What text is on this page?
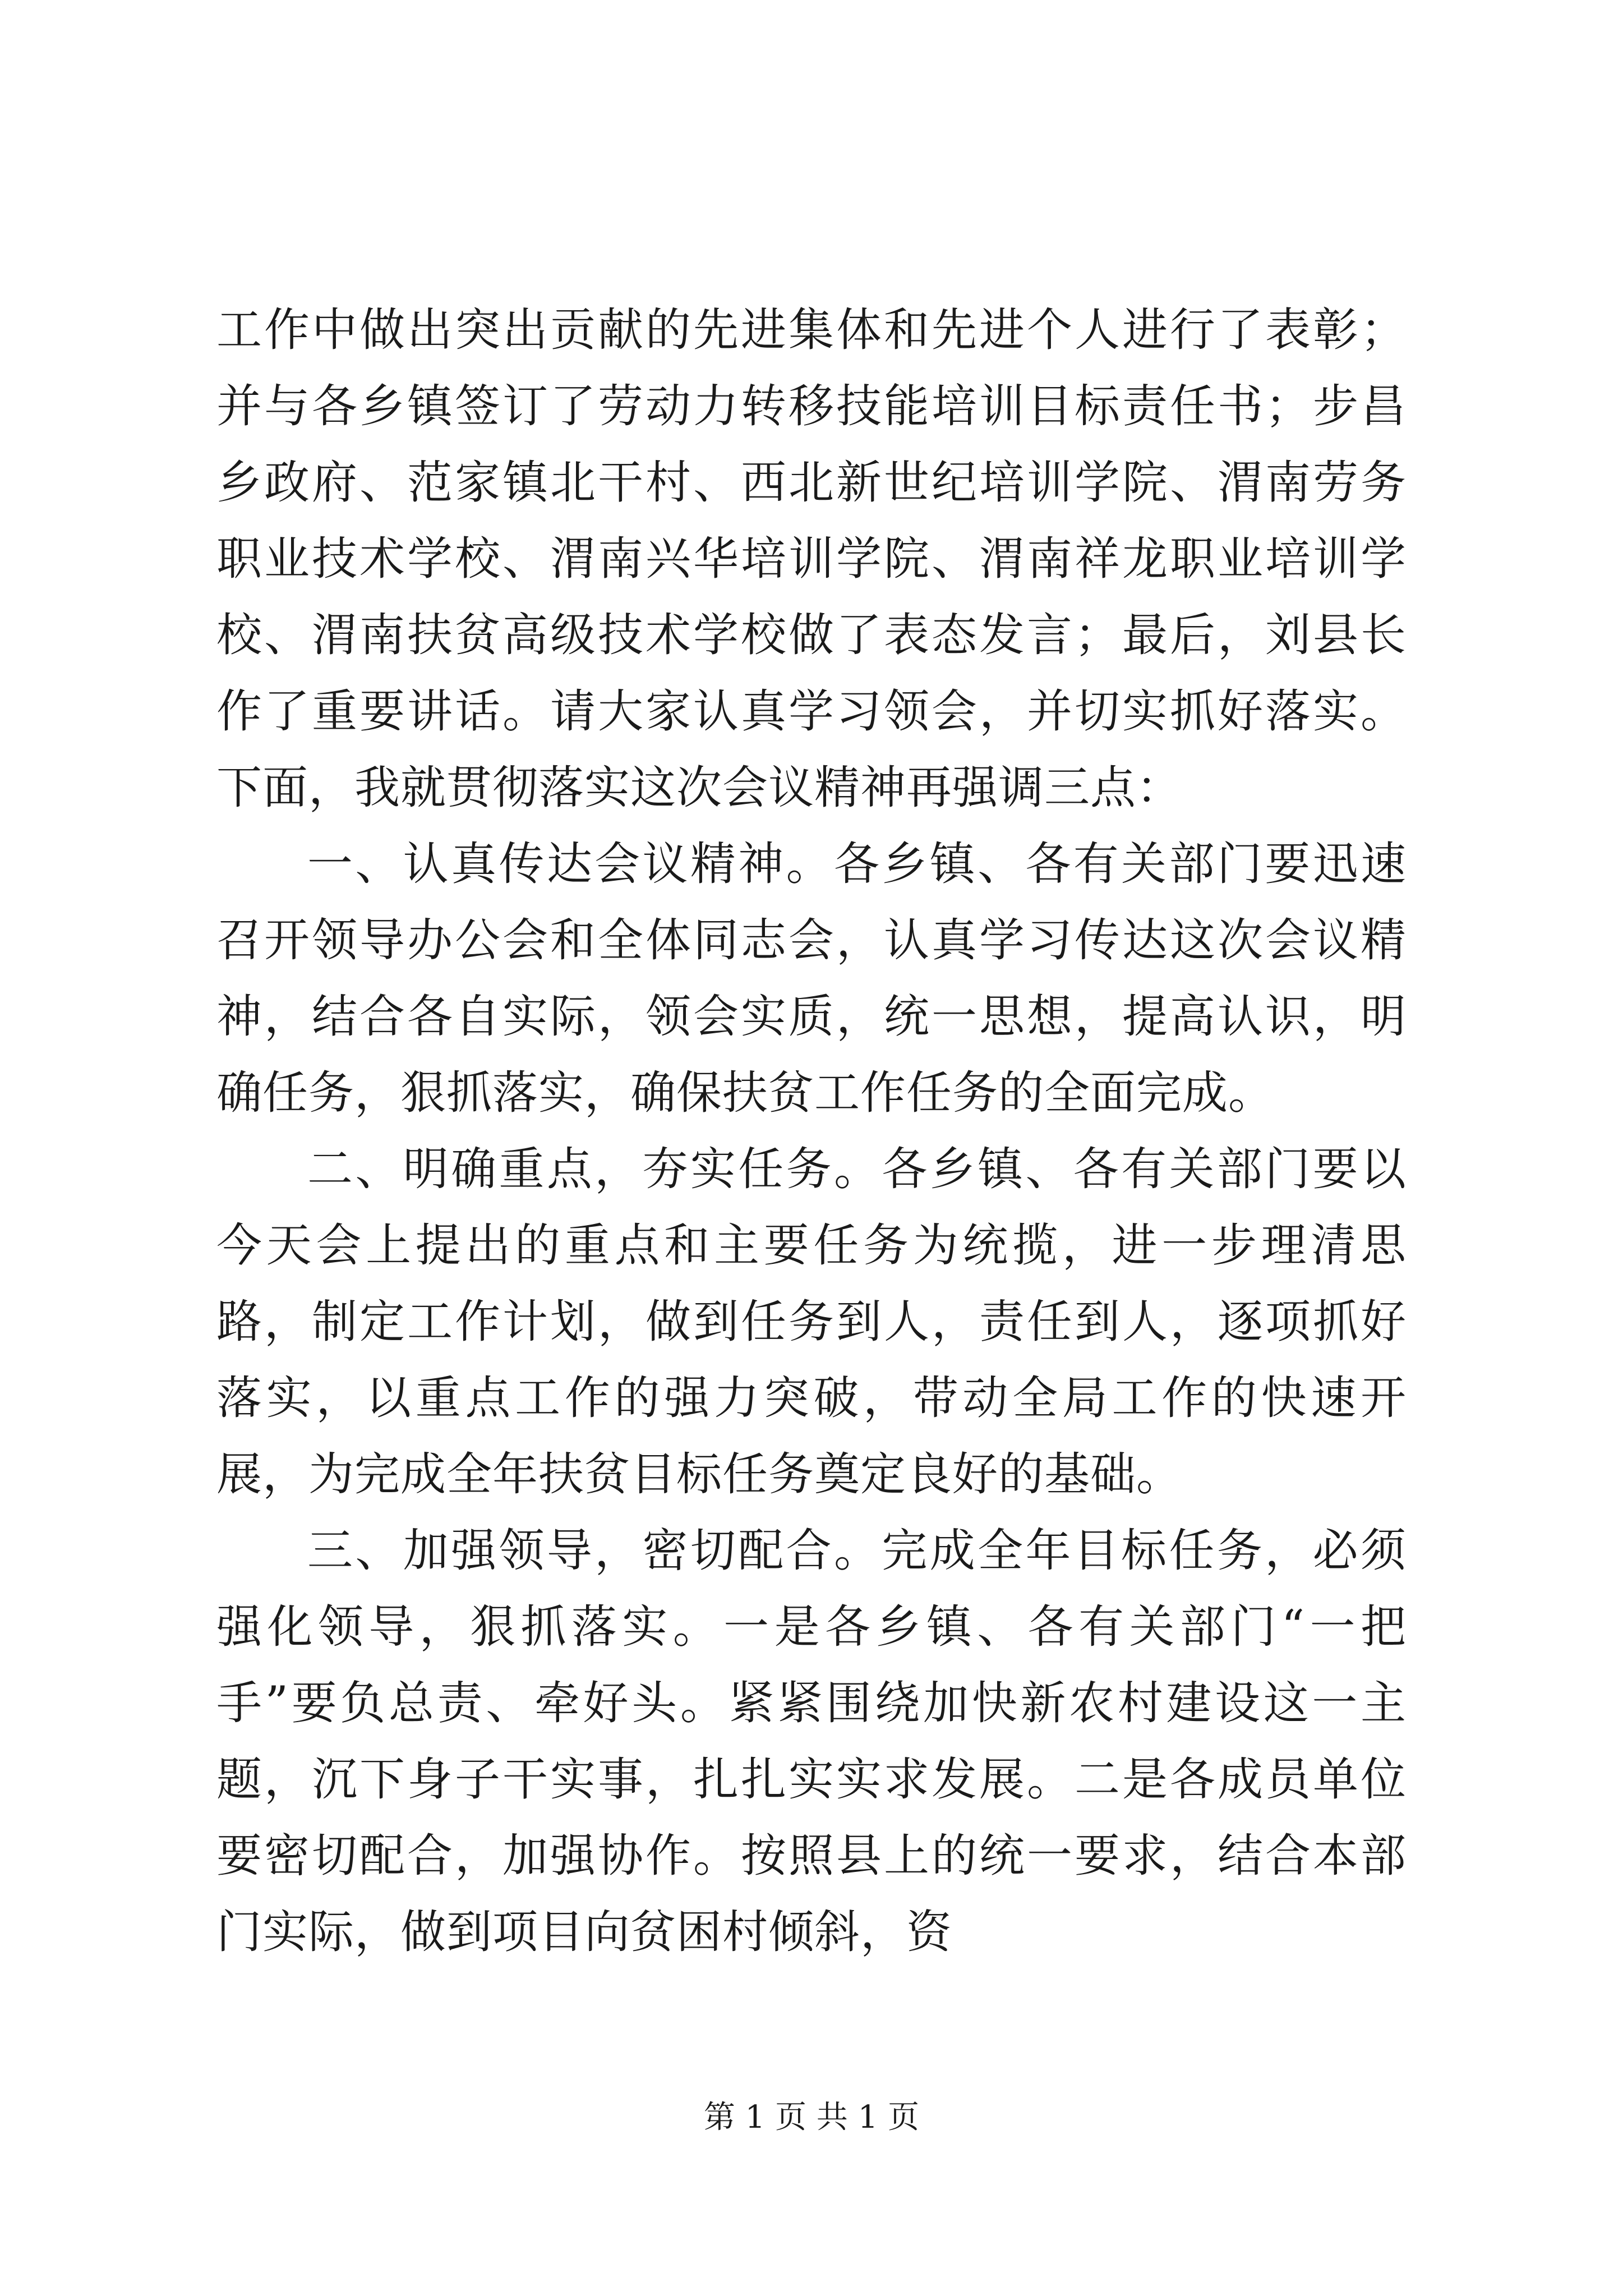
工作中做出突出贡献的先进集体和先进个人进行了表彰；并与各乡镇签订了劳动力转移技能培训目标责任书；步昌乡政府、范家镇北干村、西北新世纪培训学院、渭南劳务职业技术学校、渭南兴华培训学院、渭南祥龙职业培训学校、渭南扶贫高级技术学校做了表态发言；最后，刘县长作了重要讲话。请大家认真学习领会，并切实抓好落实。下面，我就贯彻落实这次会议精神再强调三点：

一、认真传达会议精神。各乡镇、各有关部门要迅速召开领导办公会和全体同志会，认真学习传达这次会议精神，结合各自实际，领会实质，统一思想，提高认识，明确任务，狠抓落实，确保扶贫工作任务的全面完成。

二、明确重点，夯实任务。各乡镇、各有关部门要以今天会上提出的重点和主要任务为统揽，进一步理清思路，制定工作计划，做到任务到人，责任到人，逐项抓好落实，以重点工作的强力突破，带动全局工作的快速开展，为完成全年扶贫目标任务奠定良好的基础。

三、加强领导，密切配合。完成全年目标任务，必须强化领导，狠抓落实。一是各乡镇、各有关部门“一把手”要负总责、牵好头。紧紧围绕加快新农村建设这一主题，沉下身子干实事，扎扎实实求发展。二是各成员单位要密切配合，加强协作。按照县上的统一要求，结合本部门实际，做到项目向贫困村倾斜，资

第 1 页 共 1 页
